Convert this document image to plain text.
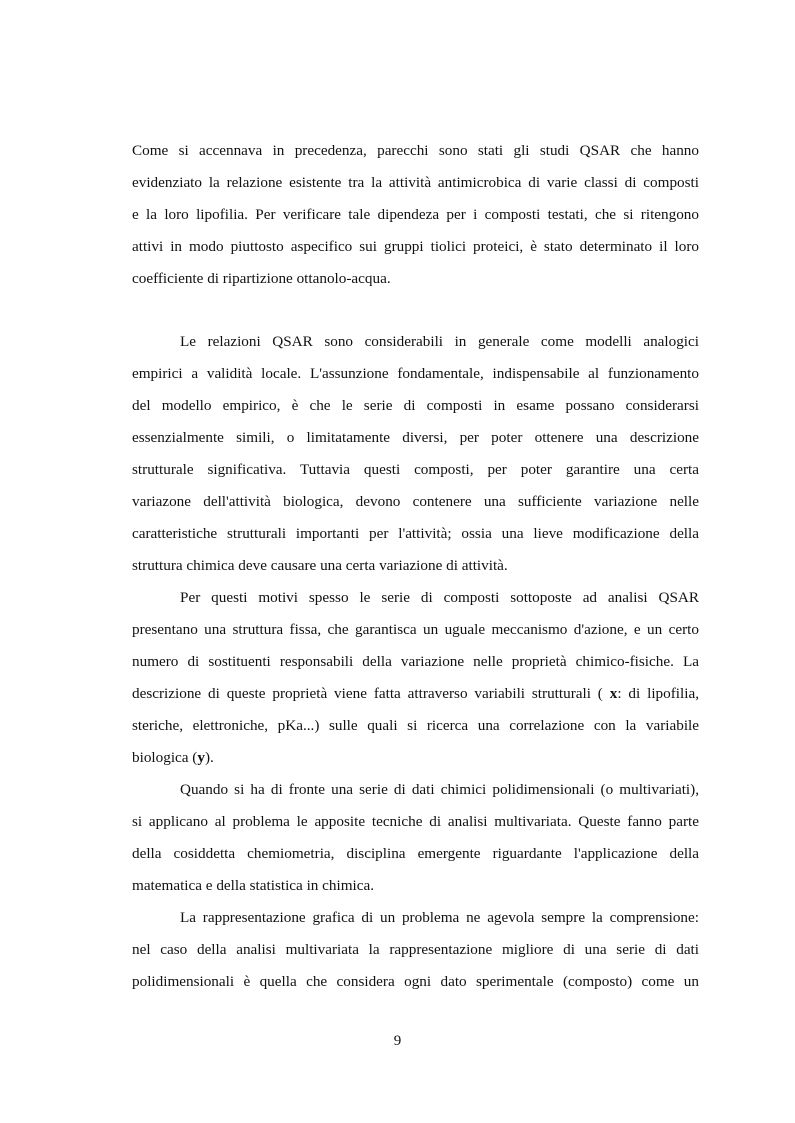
Come si accennava in precedenza, parecchi sono stati gli studi QSAR che hanno
evidenziato la relazione esistente tra la attività antimicrobica di varie classi di composti
e la loro lipofilia. Per verificare tale dipendeza per i composti testati, che si ritengono
attivi in modo piuttosto aspecifico sui gruppi tiolici proteici, è stato determinato il loro
coefficiente di ripartizione ottanolo-acqua.
Le relazioni QSAR sono considerabili in generale come modelli analogici
empirici a validità locale. L'assunzione fondamentale, indispensabile al funzionamento
del modello empirico, è che le serie di composti in esame possano considerarsi
essenzialmente simili, o limitatamente diversi, per poter ottenere una descrizione
strutturale significativa. Tuttavia questi composti, per poter garantire una certa
variazone dell'attività biologica, devono contenere una sufficiente variazione nelle
caratteristiche strutturali importanti per l'attività; ossia una lieve modificazione della
struttura chimica deve causare una certa variazione di attività.
Per questi motivi spesso le serie di composti sottoposte ad analisi QSAR
presentano una struttura fissa, che garantisca un uguale meccanismo d'azione, e un certo
numero di sostituenti responsabili della variazione nelle proprietà chimico-fisiche. La
descrizione di queste proprietà viene fatta attraverso variabili strutturali ( x: di lipofilia,
steriche, elettroniche, pKa...) sulle quali si ricerca una correlazione con la variabile
biologica (y).
Quando si ha di fronte una serie di dati chimici polidimensionali (o multivariati),
si applicano al problema le apposite tecniche di analisi multivariata. Queste fanno parte
della cosiddetta chemiometria, disciplina emergente riguardante l'applicazione della
matematica e della statistica in chimica.
La rappresentazione grafica di un problema ne agevola sempre la comprensione:
nel caso della analisi multivariata la rappresentazione migliore di una serie di dati
polidimensionali è quella che considera ogni dato sperimentale (composto) come un
9
